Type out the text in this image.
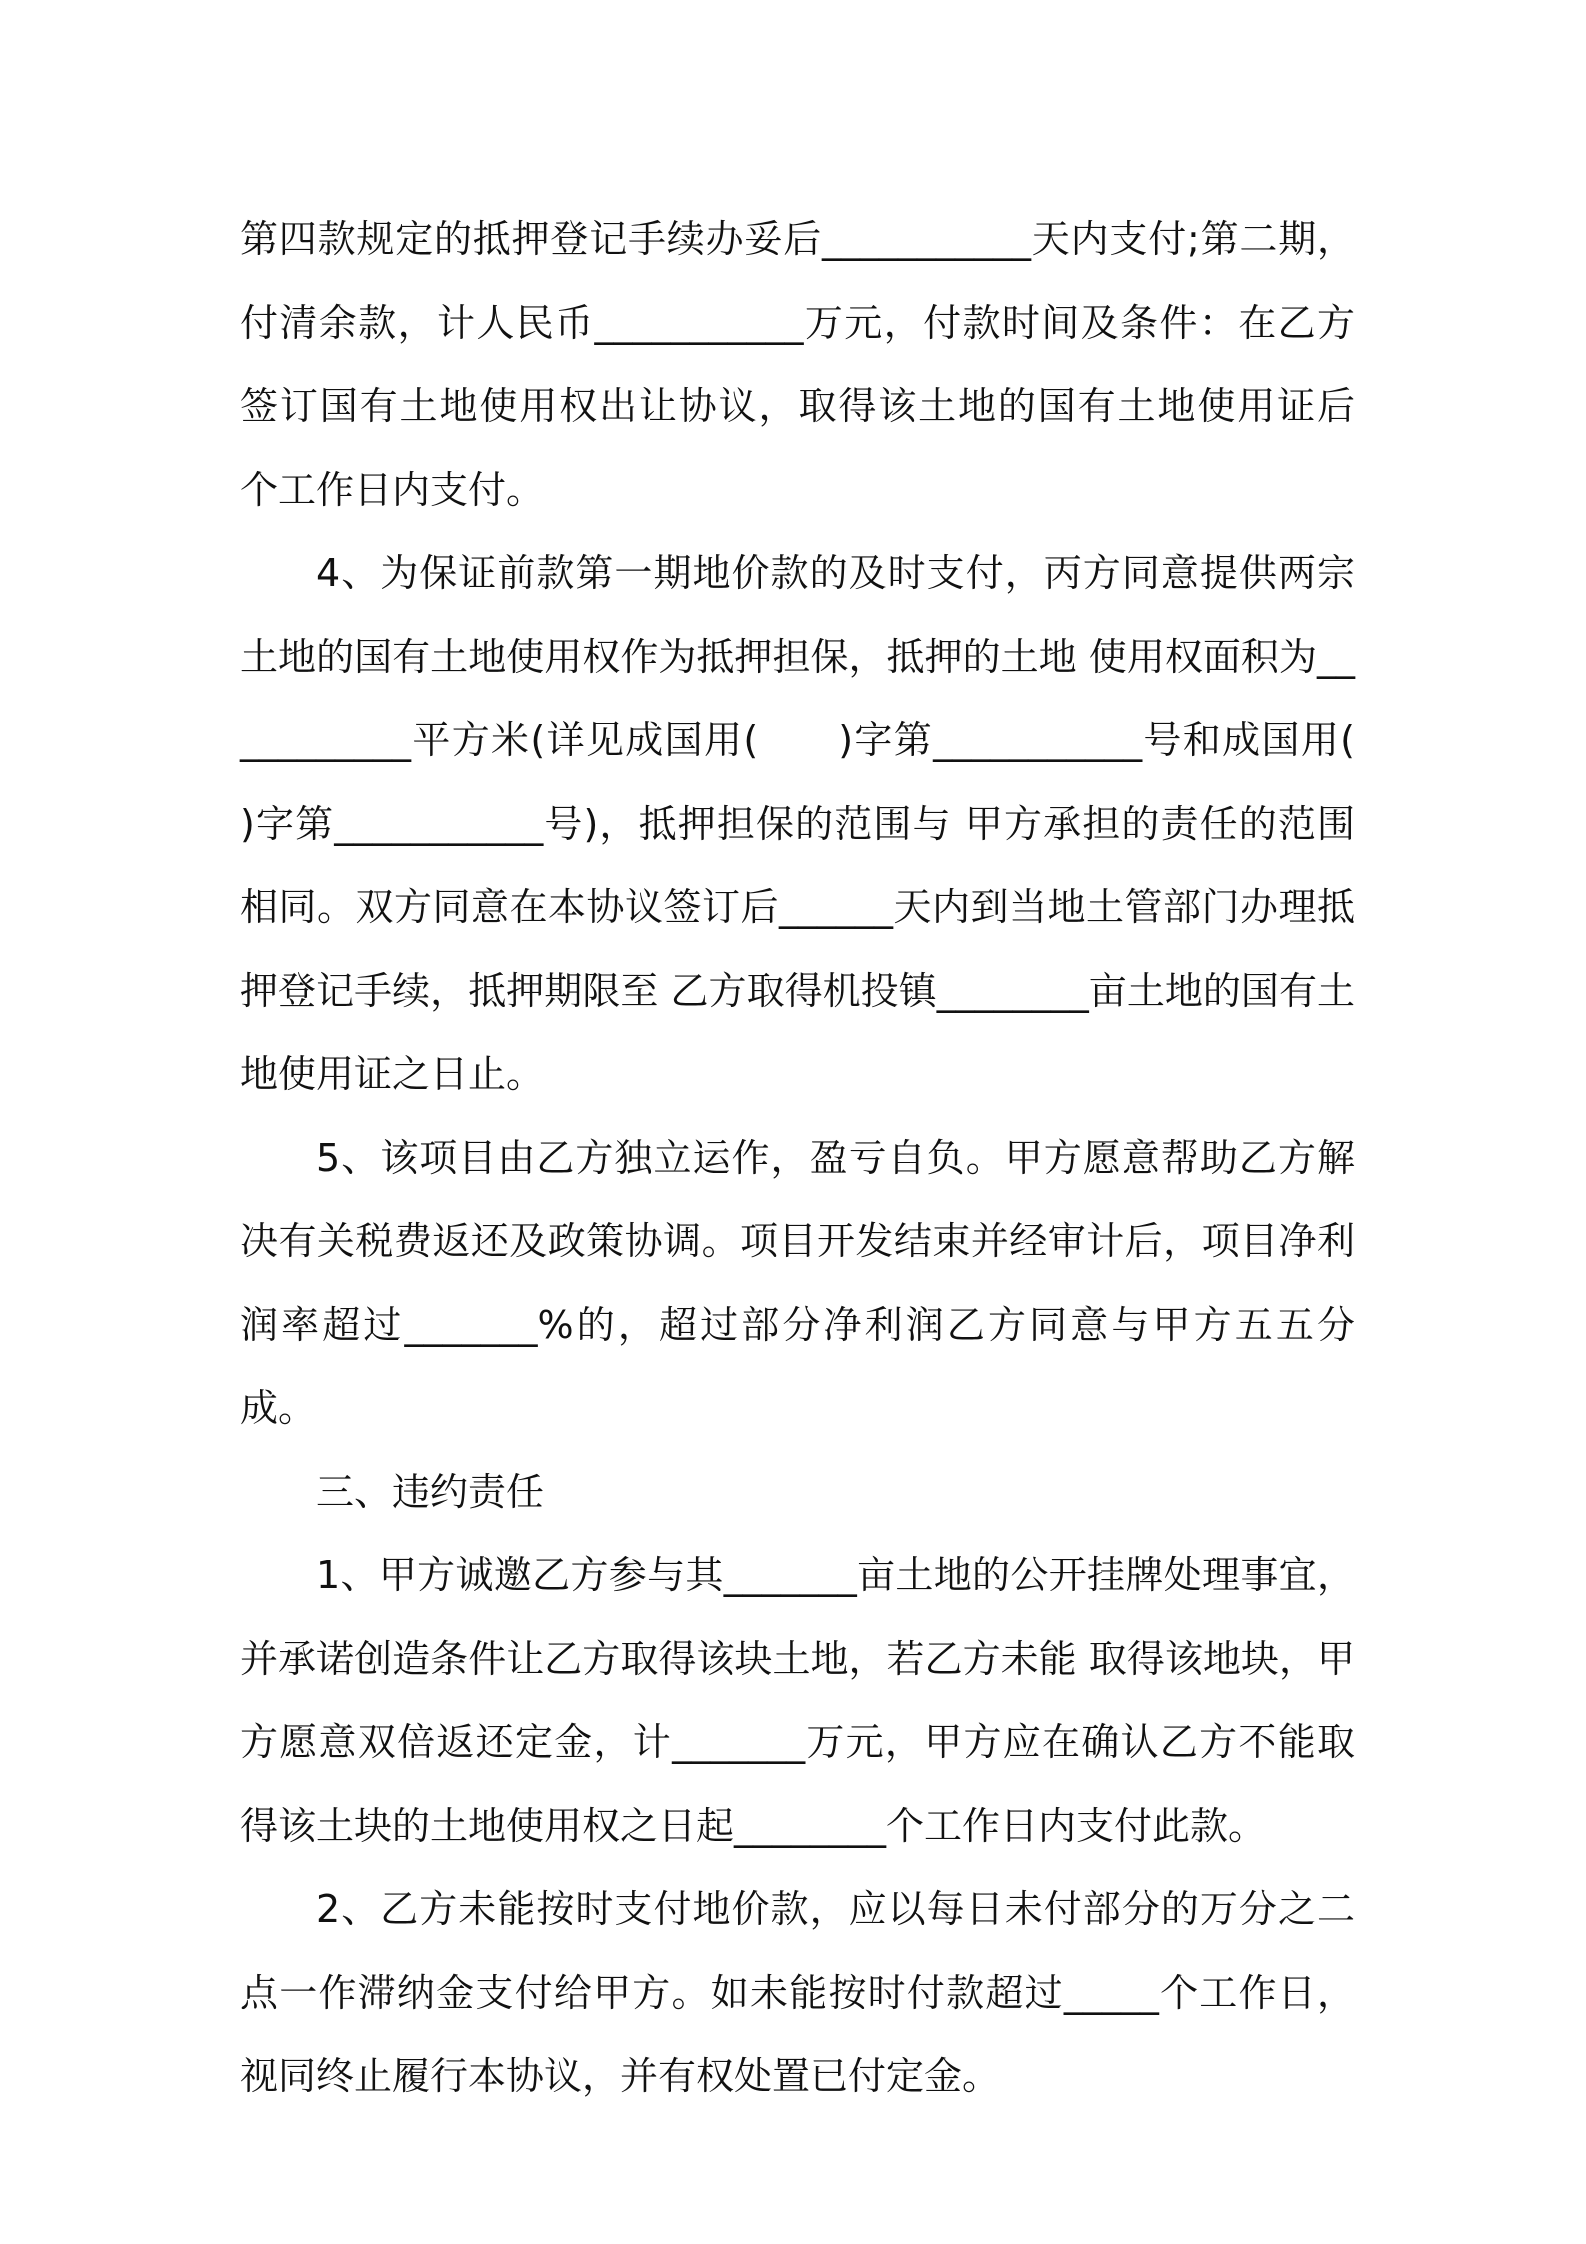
第四款规定的抵押登记手续办妥后___________天内支付;第二期，付清余款，计人民币___________万元，付款时间及条件：在乙方签订国有土地使用权出让协议，取得该土地的国有土地使用证后　　个工作日内支付。

4、为保证前款第一期地价款的及时支付，丙方同意提供两宗土地的国有土地使用权作为抵押担保，抵押的土地 使用权面积为___________平方米(详见成国用(　　)字第___________号和成国用(　　)字第___________号)，抵押担保的范围与 甲方承担的责任的范围相同。双方同意在本协议签订后______天内到当地土管部门办理抵押登记手续，抵押期限至 乙方取得机投镇________亩土地的国有土地使用证之日止。

5、该项目由乙方独立运作，盈亏自负。甲方愿意帮助乙方解决有关税费返还及政策协调。项目开发结束并经审计后，项目净利润率超过_______%的，超过部分净利润乙方同意与甲方五五分成。

三、违约责任

1、甲方诚邀乙方参与其_______亩土地的公开挂牌处理事宜，并承诺创造条件让乙方取得该块土地，若乙方未能 取得该地块，甲方愿意双倍返还定金，计_______万元，甲方应在确认乙方不能取得该土块的土地使用权之日起________个工作日内支付此款。

2、乙方未能按时支付地价款，应以每日未付部分的万分之二点一作滞纳金支付给甲方。如未能按时付款超过_____个工作日，视同终止履行本协议，并有权处置已付定金。
